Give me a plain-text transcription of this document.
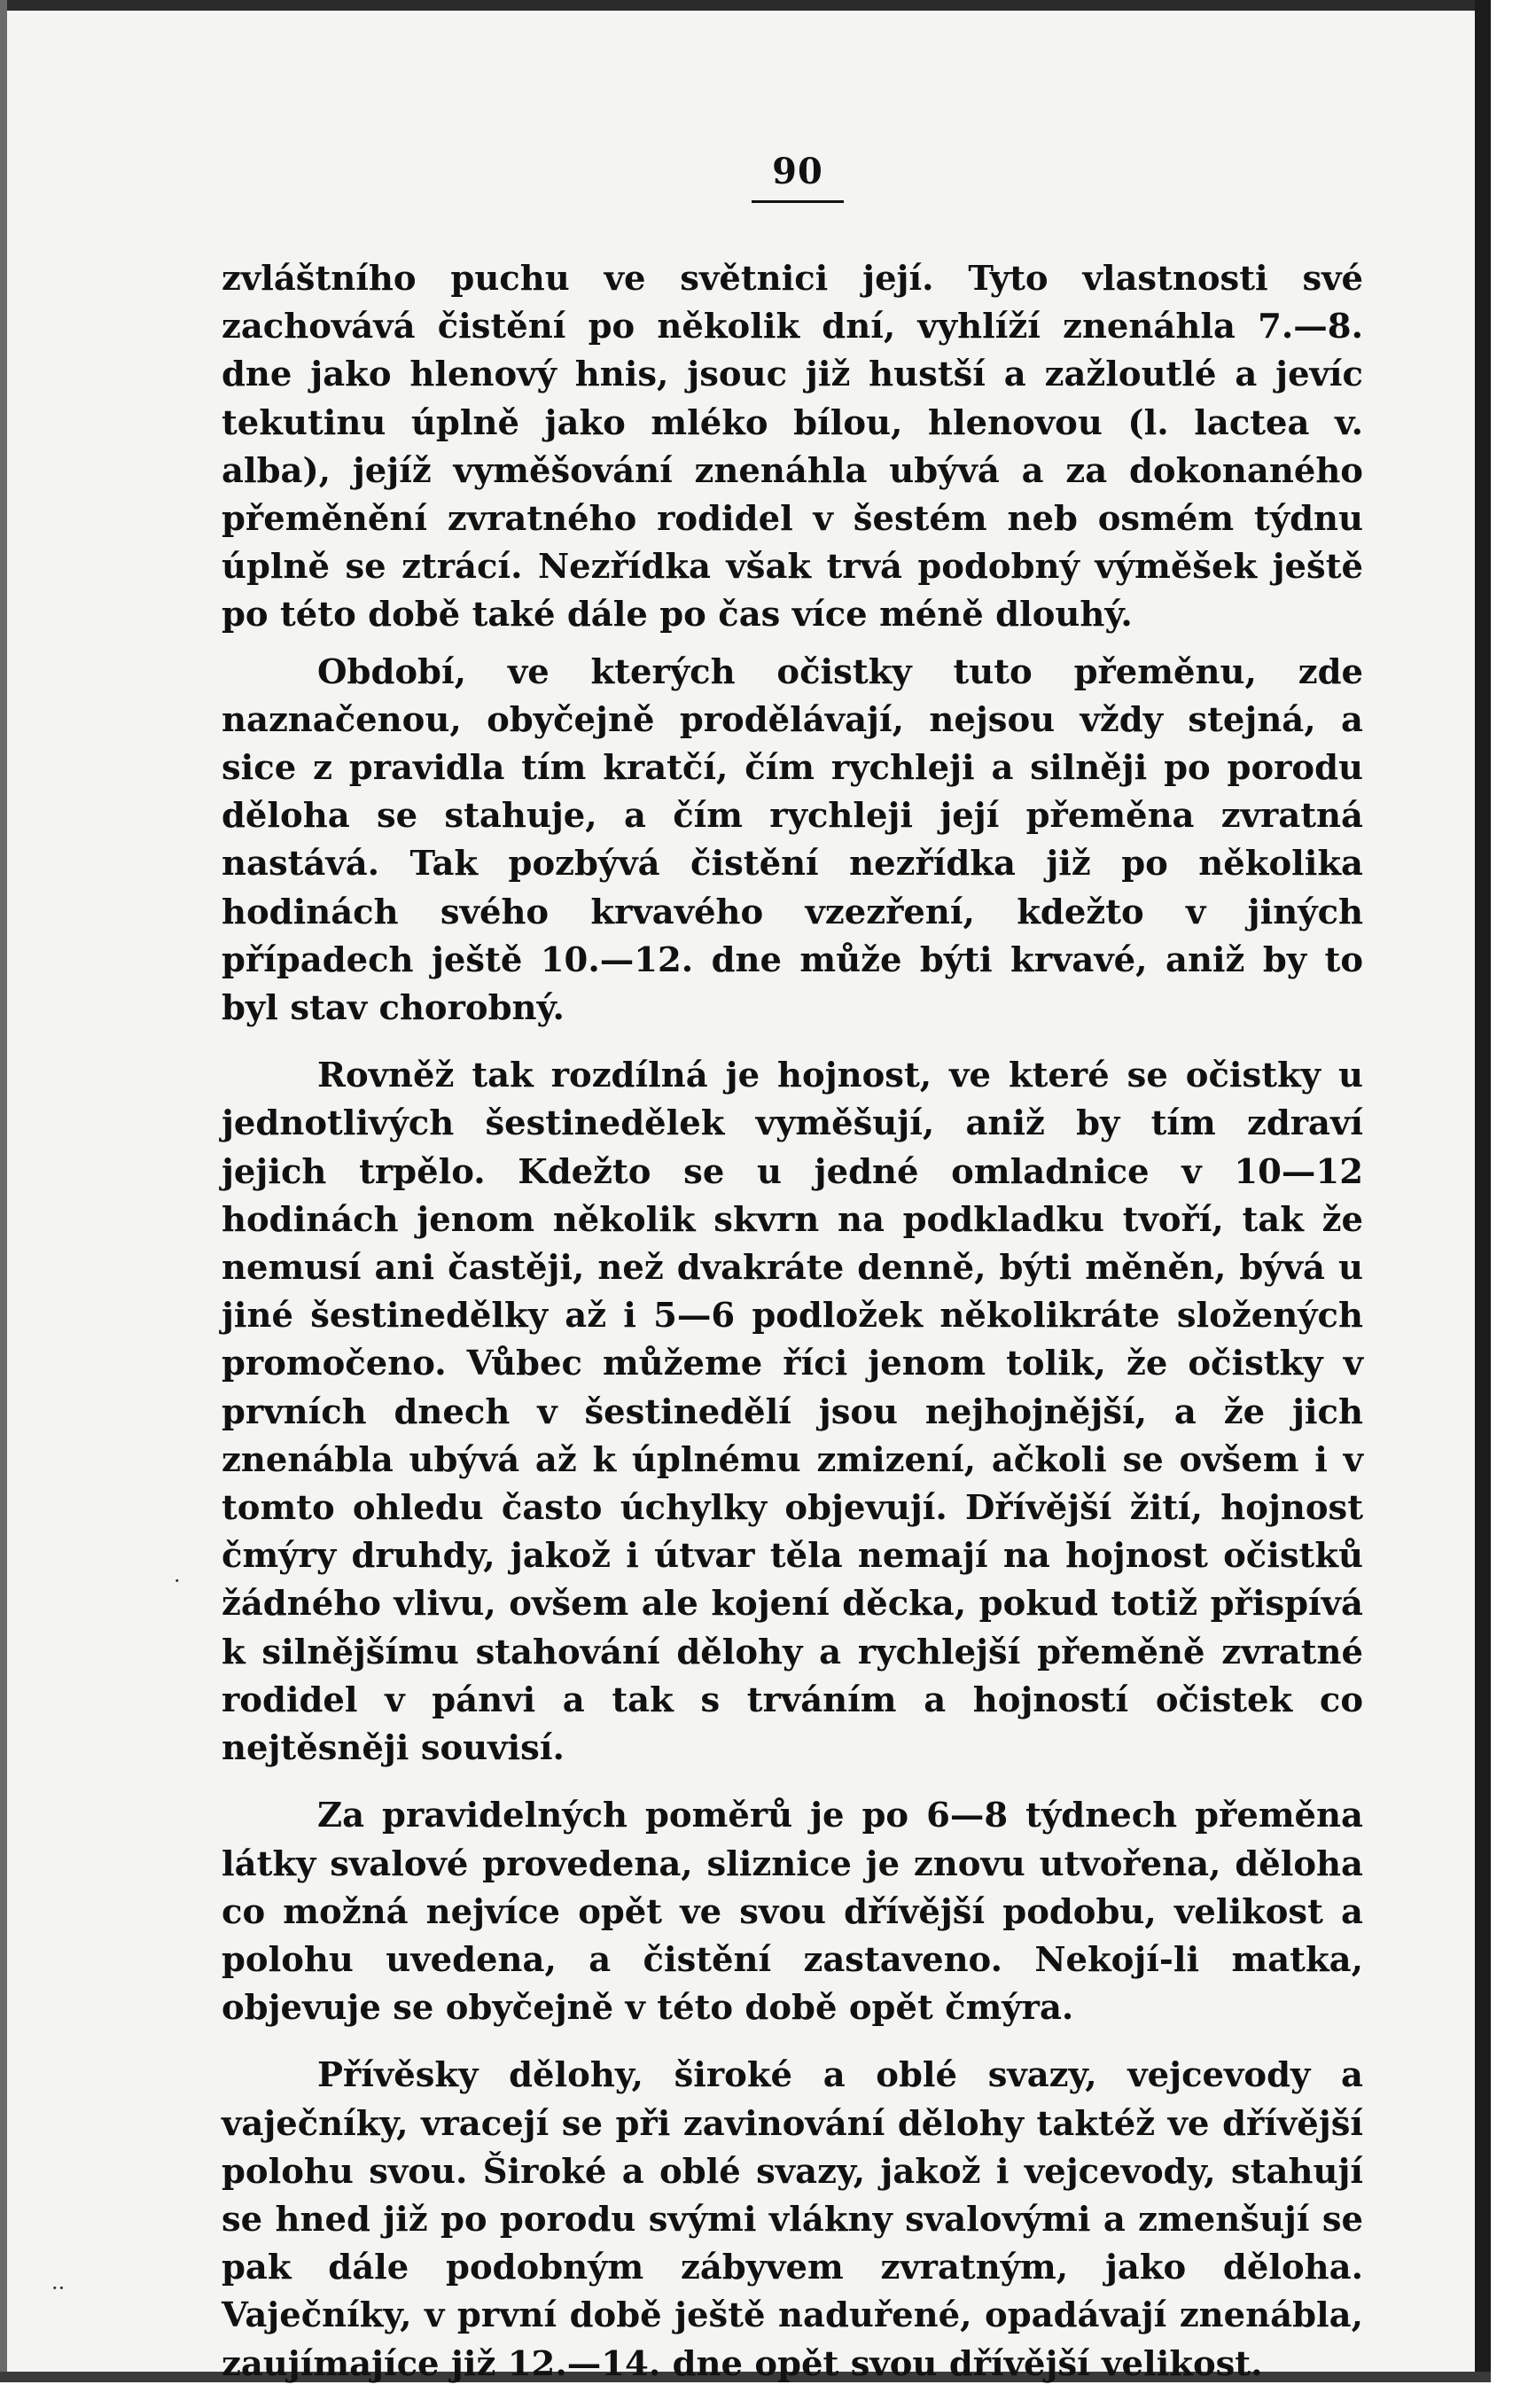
90

zvláštního puchu ve světnici její. Tyto vlastnosti své zachovává čistění po několik dní, vyhlíží znenáhla 7.—8. dne jako hlenový hnis, jsouc již hustší a zažloutlé a jevíc tekutinu úplně jako mléko bílou, hlenovou (l. lactea v. alba), jejíž vyměšování znenáhla ubývá a za dokonaného přeměnění zvratného rodidel v šestém neb osmém týdnu úplně se ztrácí. Nezřídka však trvá podobný výměšek ještě po této době také dále po čas více méně dlouhý.

Období, ve kterých očistky tuto přeměnu, zde naznačenou, obyčejně prodělávají, nejsou vždy stejná, a sice z pravidla tím kratčí, čím rychleji a silněji po porodu děloha se stahuje, a čím rychleji její přeměna zvratná nastává. Tak pozbývá čistění nezřídka již po několika hodinách svého krvavého vzezření, kdežto v jiných případech ještě 10.—12. dne může býti krvavé, aniž by to byl stav chorobný.

Rovněž tak rozdílná je hojnost, ve které se očistky u jednotlivých šestinedělek vyměšují, aniž by tím zdraví jejich trpělo. Kdežto se u jedné omladnice v 10—12 hodinách jenom několik skvrn na podkladku tvoří, tak že nemusí ani častěji, než dvakráte denně, býti měněn, bývá u jiné šestinedělky až i 5—6 podložek několikráte složených promočeno. Vůbec můžeme říci jenom tolik, že očistky v prvních dnech v šestinedělí jsou nejhojnější, a že jich znenábla ubývá až k úplnému zmizení, ačkoli se ovšem i v tomto ohledu často úchylky objevují. Dřívější žití, hojnost čmýry druhdy, jakož i útvar těla nemají na hojnost očistků žádného vlivu, ovšem ale kojení děcka, pokud totiž přispívá k silnějšímu stahování dělohy a rychlejší přeměně zvratné rodidel v pánvi a tak s trváním a hojností očistek co nejtěsněji souvisí.

Za pravidelných poměrů je po 6—8 týdnech přeměna látky svalové provedena, sliznice je znovu utvořena, děloha co možná nejvíce opět ve svou dřívější podobu, velikost a polohu uvedena, a čistění zastaveno. Nekojí-li matka, objevuje se obyčejně v této době opět čmýra.

Přívěsky dělohy, široké a oblé svazy, vejcevody a vaječníky, vracejí se při zavinování dělohy taktéž ve dřívější polohu svou. Široké a oblé svazy, jakož i vejcevody, stahují se hned již po porodu svými vlákny svalovými a zmenšují se pak dále podobným zábyvem zvratným, jako děloha. Vaječníky, v první době ještě naduřené, opadávají znenábla, zaujímajíce již 12.—14. dne opět svou dřívější velikost.

·
··
